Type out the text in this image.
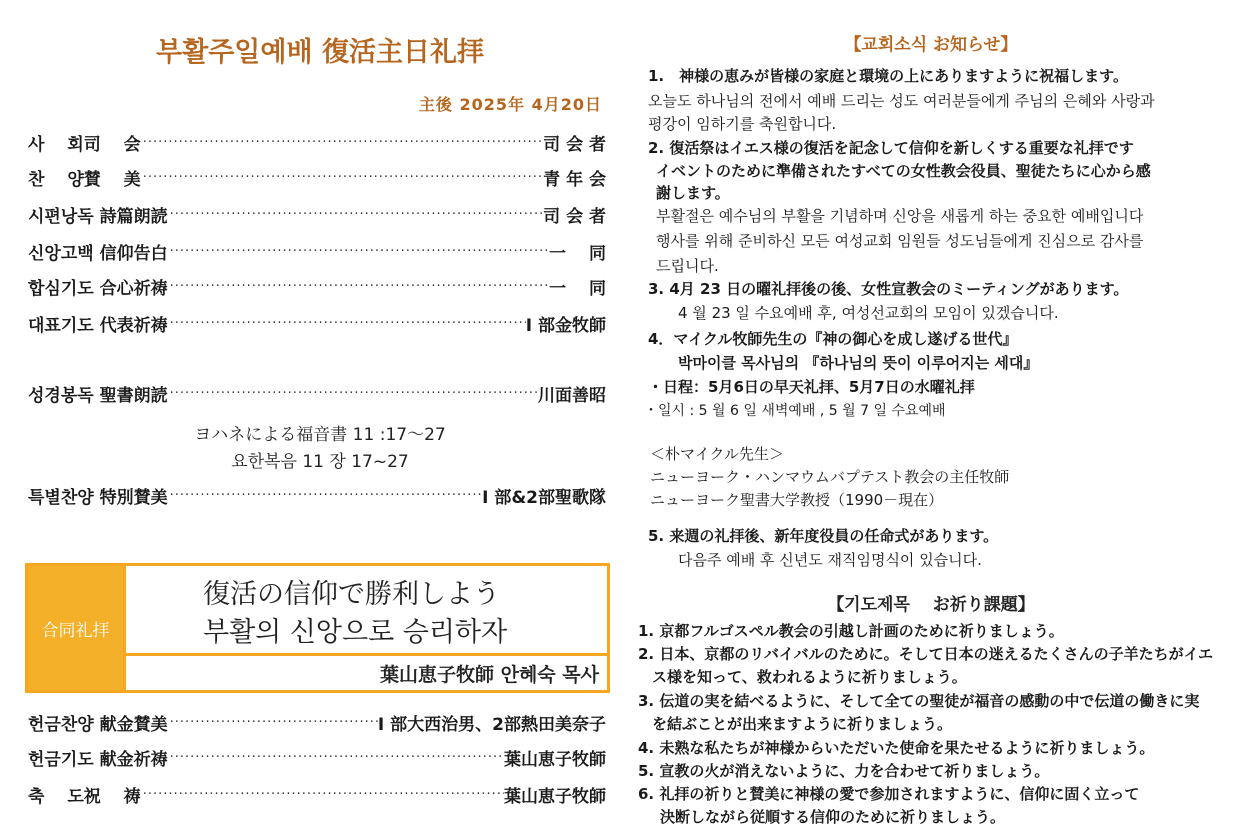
부활주일예배 復活主日礼拝
主後 2025年 4月20日
사　 회司　 会 ·····	司 会 者
찬　 양賛　 美 ·····	青 年 会
시편낭독 詩篇朗読 ·····	司 会 者
신앙고백 信仰告白 ·····	一　 同
합심기도 合心祈祷 ·····	一　 同
대표기도 代表祈祷 ·····	I 部金牧師
성경봉독 聖書朗読 ·····	川面善昭
ヨハネによる福音書 11 :17～27
요한복음 11 장 17~27
특별찬양 特別賛美 ·····	I 部&2部聖歌隊
合同礼拝
復活の信仰で勝利しよう
부활의 신앙으로 승리하자
葉山恵子牧師 안혜숙 목사
헌금찬양 献金賛美 ·····	I 部大西治男、2部熱田美奈子
헌금기도 献金祈祷 ·····	葉山恵子牧師
축　 도祝　 祷 ·····	葉山恵子牧師
【교회소식 お知らせ】
1.　神様の恵みが皆様の家庭と環境の上にありますように祝福します。
오늘도 하나님의 전에서 예배 드리는 성도 여러분들에게 주님의 은혜와 사랑과
평강이 임하기를 축원합니다.
2. 復活祭はイエス様の復活を記念して信仰を新しくする重要な礼拝です
イベントのために準備されたすべての女性教会役員、聖徒たちに心から感
謝します。
부활절은 예수님의 부활을 기념하며 신앙을 새롭게 하는 중요한 예배입니다
행사를 위해 준비하신 모든 여성교회 임원들 성도님들에게 진심으로 감사를
드립니다.
3. 4月 23 日の曜礼拝後の後、女性宣教会のミーティングがあります。
4 월 23 일 수요예배 후, 여성선교회의 모임이 있겠습니다.
4．マイクル牧師先生の『神の御心を成し遂げる世代』
박마이클 목사님의 『하나님의 뜻이 이루어지는 세대』
・日程：5月6日の早天礼拝、5月7日の水曜礼拝
・일시 : 5 월 6 일 새벽예배 , 5 월 7 일 수요예배
＜朴マイクル先生＞
ニューヨーク・ハンマウムバプテスト教会の主任牧師
ニューヨーク聖書大学教授（1990－現在）
5. 来週の礼拝後、新年度役員の任命式があります。
다음주 예배 후 신년도 재직임명식이 있습니다.
【기도제목　 お祈り課題】
1. 京都フルゴスペル教会の引越し計画のために祈りましょう。
2. 日本、京都のリバイバルのために。そして日本の迷えるたくさんの子羊たちがイエ
ス様を知って、救われるように祈りましょう。
3. 伝道の実を結べるように、そして全ての聖徒が福音の感動の中で伝道の働きに実
を結ぶことが出来ますように祈りましょう。
4. 未熟な私たちが神様からいただいた使命を果たせるように祈りましょう。
5. 宣教の火が消えないように、力を合わせて祈りましょう。
6. 礼拝の祈りと賛美に神様の愛で参加されますように、信仰に固く立って
決断しながら従順する信仰のために祈りましょう。
